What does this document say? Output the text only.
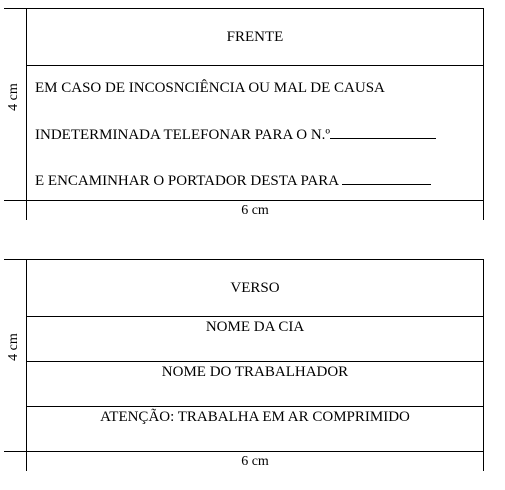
FRENTE
EM CASO DE INCOSNCIÊNCIA OU MAL DE CAUSA
INDETERMINADA TELEFONAR PARA O N.º
E ENCAMINHAR O PORTADOR DESTA PARA
4 cm
6 cm
VERSO
NOME DA CIA
NOME DO TRABALHADOR
ATENÇÃO: TRABALHA EM AR COMPRIMIDO
4 cm
6 cm
